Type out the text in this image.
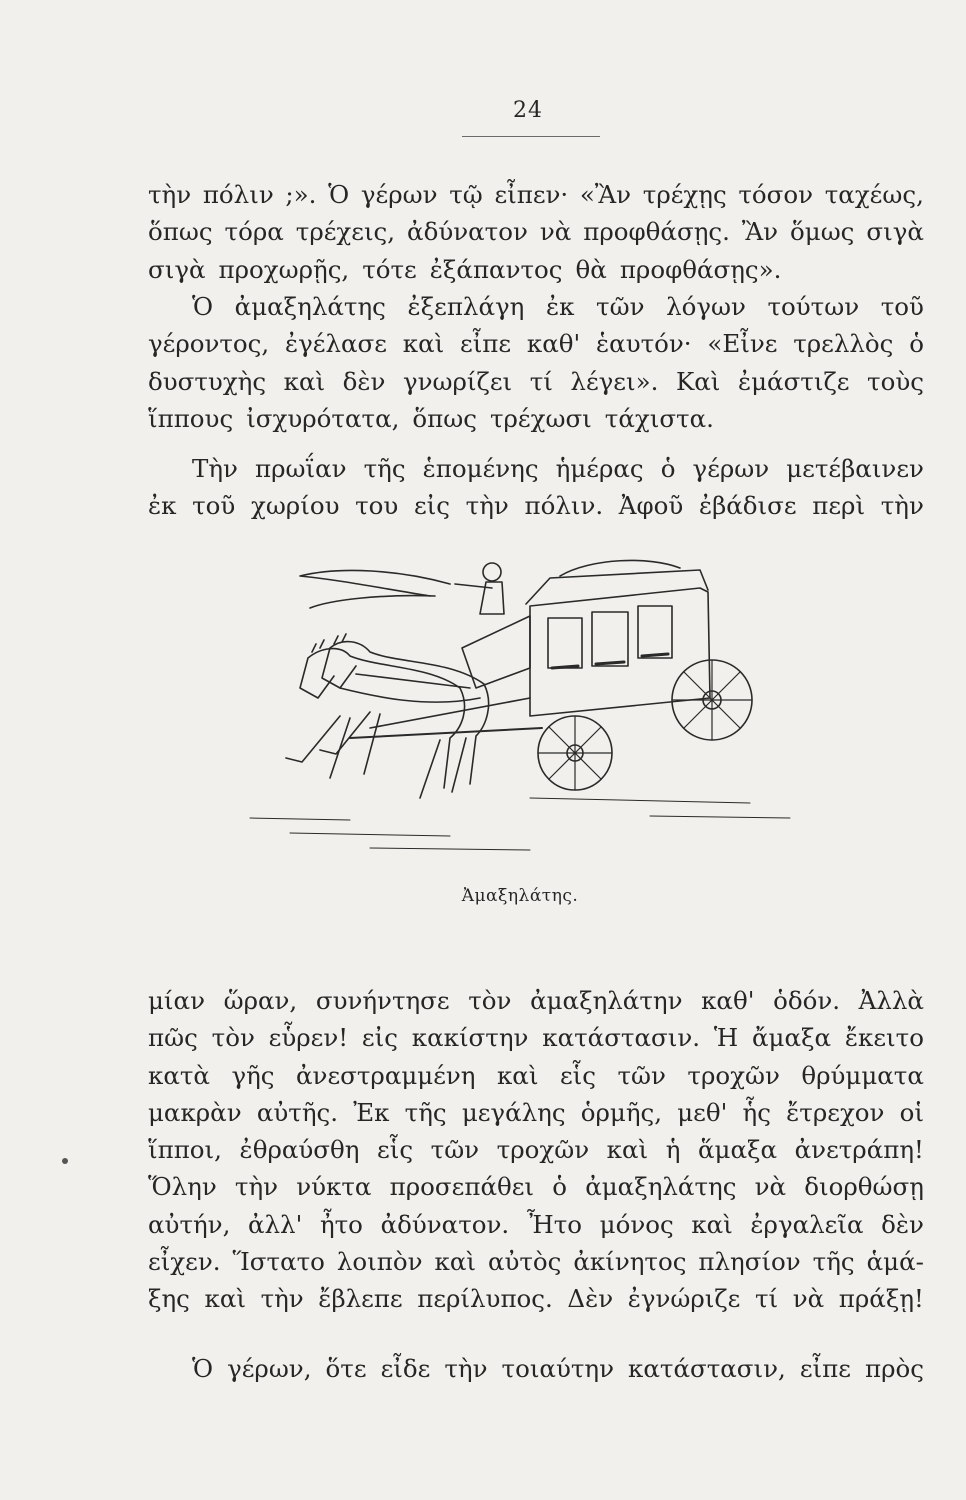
24
τὴν πόλιν ;». Ὁ γέρων τῷ εἶπεν· «Ἂν τρέχῃς τόσον ταχέως,
ὅπως τόρα τρέχεις, ἀδύνατον νὰ προφθάσῃς. Ἂν ὅμως σιγὰ
σιγὰ προχωρῇς, τότε ἐξάπαντος θὰ προφθάσῃς».
Ὁ ἀμαξηλάτης ἐξεπλάγη ἐκ τῶν λόγων τούτων τοῦ
γέροντος, ἐγέλασε καὶ εἶπε καθ' ἑαυτόν· «Εἶνε τρελλὸς ὁ
δυστυχὴς καὶ δὲν γνωρίζει τί λέγει». Καὶ ἐμάστιζε τοὺς
ἵππους ἰσχυρότατα, ὅπως τρέχωσι τάχιστα.
Τὴν πρωΐαν τῆς ἑπομένης ἡμέρας ὁ γέρων μετέβαινεν
ἐκ τοῦ χωρίου του εἰς τὴν πόλιν. Ἀφοῦ ἐβάδισε περὶ τὴν
Ἀμαξηλάτης.
μίαν ὥραν, συνήντησε τὸν ἀμαξηλάτην καθ' ὁδόν. Ἀλλὰ
πῶς τὸν εὗρεν! εἰς κακίστην κατάστασιν. Ἡ ἄμαξα ἔκειτο
κατὰ γῆς ἀνεστραμμένη καὶ εἷς τῶν τροχῶν θρύμματα
μακρὰν αὐτῆς. Ἐκ τῆς μεγάλης ὁρμῆς, μεθ' ἧς ἔτρεχον οἱ
ἵπποι, ἐθραύσθη εἷς τῶν τροχῶν καὶ ἡ ἅμαξα ἀνετράπη!
Ὅλην τὴν νύκτα προσεπάθει ὁ ἀμαξηλάτης νὰ διορθώσῃ
αὐτήν, ἀλλ' ἦτο ἀδύνατον. Ἦτο μόνος καὶ ἐργαλεῖα δὲν
εἶχεν. Ἵστατο λοιπὸν καὶ αὐτὸς ἀκίνητος πλησίον τῆς ἁμά-
ξης καὶ τὴν ἔβλεπε περίλυπος. Δὲν ἐγνώριζε τί νὰ πράξῃ!
Ὁ γέρων, ὅτε εἶδε τὴν τοιαύτην κατάστασιν, εἶπε πρὸς
